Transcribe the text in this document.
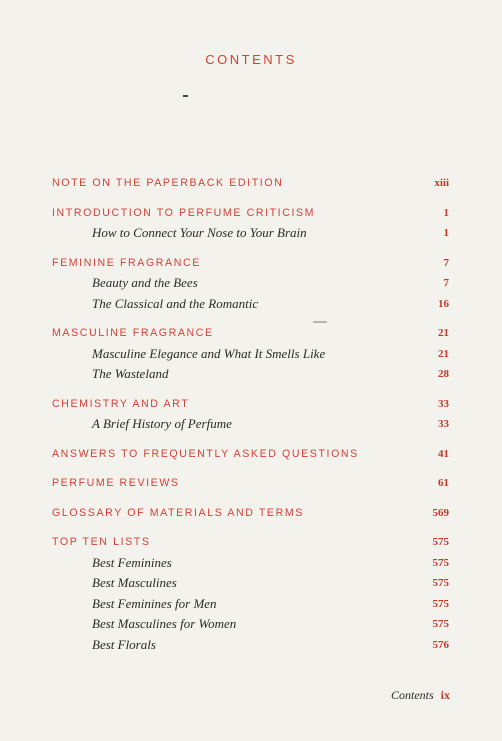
CONTENTS
NOTE ON THE PAPERBACK EDITION	xiii
INTRODUCTION TO PERFUME CRITICISM	1
How to Connect Your Nose to Your Brain	1
FEMININE FRAGRANCE	7
Beauty and the Bees	7
The Classical and the Romantic	16
MASCULINE FRAGRANCE	21
Masculine Elegance and What It Smells Like	21
The Wasteland	28
CHEMISTRY AND ART	33
A Brief History of Perfume	33
ANSWERS TO FREQUENTLY ASKED QUESTIONS	41
PERFUME REVIEWS	61
GLOSSARY OF MATERIALS AND TERMS	569
TOP TEN LISTS	575
Best Feminines	575
Best Masculines	575
Best Feminines for Men	575
Best Masculines for Women	575
Best Florals	576
Contents ix
